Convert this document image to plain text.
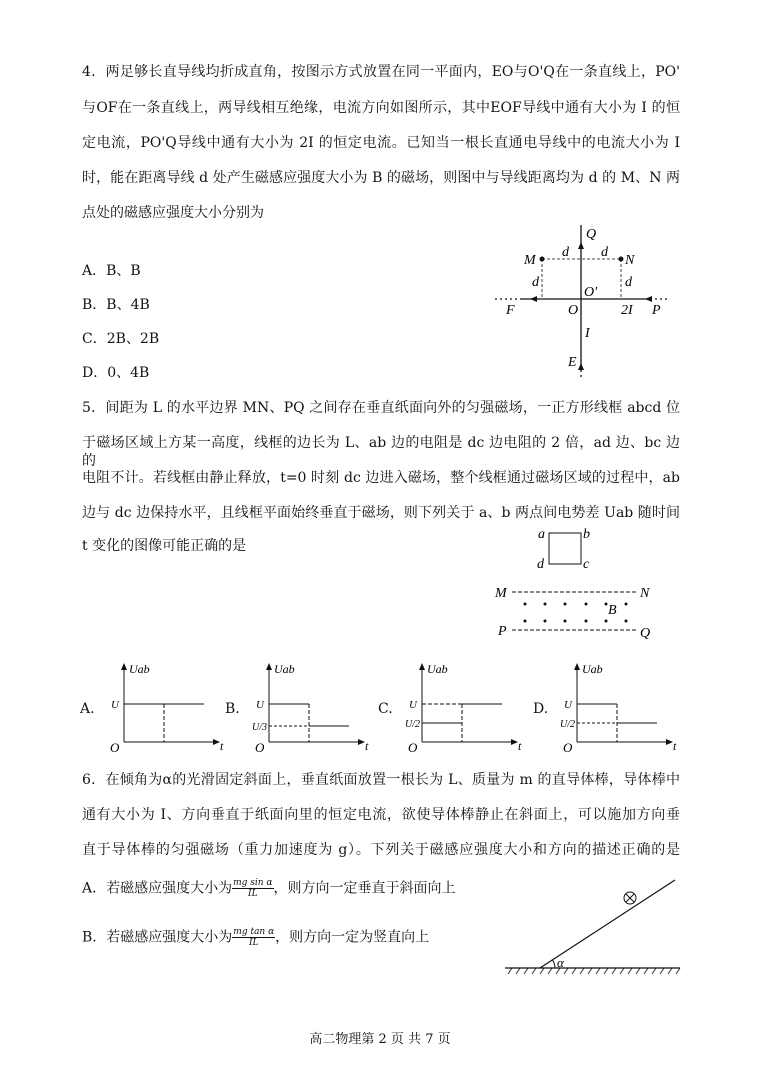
4．两足够长直导线均折成直角，按图示方式放置在同一平面内，EO与O'Q在一条直线上，PO'
与OF在一条直线上，两导线相互绝缘，电流方向如图所示，其中EOF导线中通有大小为 I 的恒
定电流，PO'Q导线中通有大小为 2I 的恒定电流。已知当一根长直通电导线中的电流大小为 I
时，能在距离导线 d 处产生磁感应强度大小为 B 的磁场，则图中与导线距离均为 d 的 M、N 两
点处的磁感应强度大小分别为
A．B、B
B．B、4B
C．2B、2B
D．0、4B
Q
M	N
d d
d	d
O'
O
F	2I P
I
E
5．间距为 L 的水平边界 MN、PQ 之间存在垂直纸面向外的匀强磁场，一正方形线框 abcd 位
于磁场区域上方某一高度，线框的边长为 L、ab 边的电阻是 dc 边电阻的 2 倍，ad 边、bc 边的
电阻不计。若线框由静止释放，t=0 时刻 dc 边进入磁场，整个线框通过磁场区域的过程中，ab
边与 dc 边保持水平，且线框平面始终垂直于磁场，则下列关于 a、b 两点间电势差 Uab 随时间
t 变化的图像可能正确的是
a	b
c
d
M	N
P	Q
B
A.
Uab
U
O	t
B.
Uab
U
O	t
U/3
C.
Uab
U
O	t
U/2
D.
Uab
U
O	t
U/2
6．在倾角为α的光滑固定斜面上，垂直纸面放置一根长为 L、质量为 m 的直导体棒，导体棒中
通有大小为 I、方向垂直于纸面向里的恒定电流，欲使导体棒静止在斜面上，可以施加方向垂
直于导体棒的匀强磁场（重力加速度为 g）。下列关于磁感应强度大小和方向的描述正确的是
A．若磁感应强度大小为 $\frac{\text{mg sin α}}{IL}$ ，则方向一定垂直于斜面向上
B．若磁感应强度大小为 $\frac{\text{mg tan α}}{IL}$ ，则方向一定为竖直向上
α
高二物理第 2 页 共 7 页
